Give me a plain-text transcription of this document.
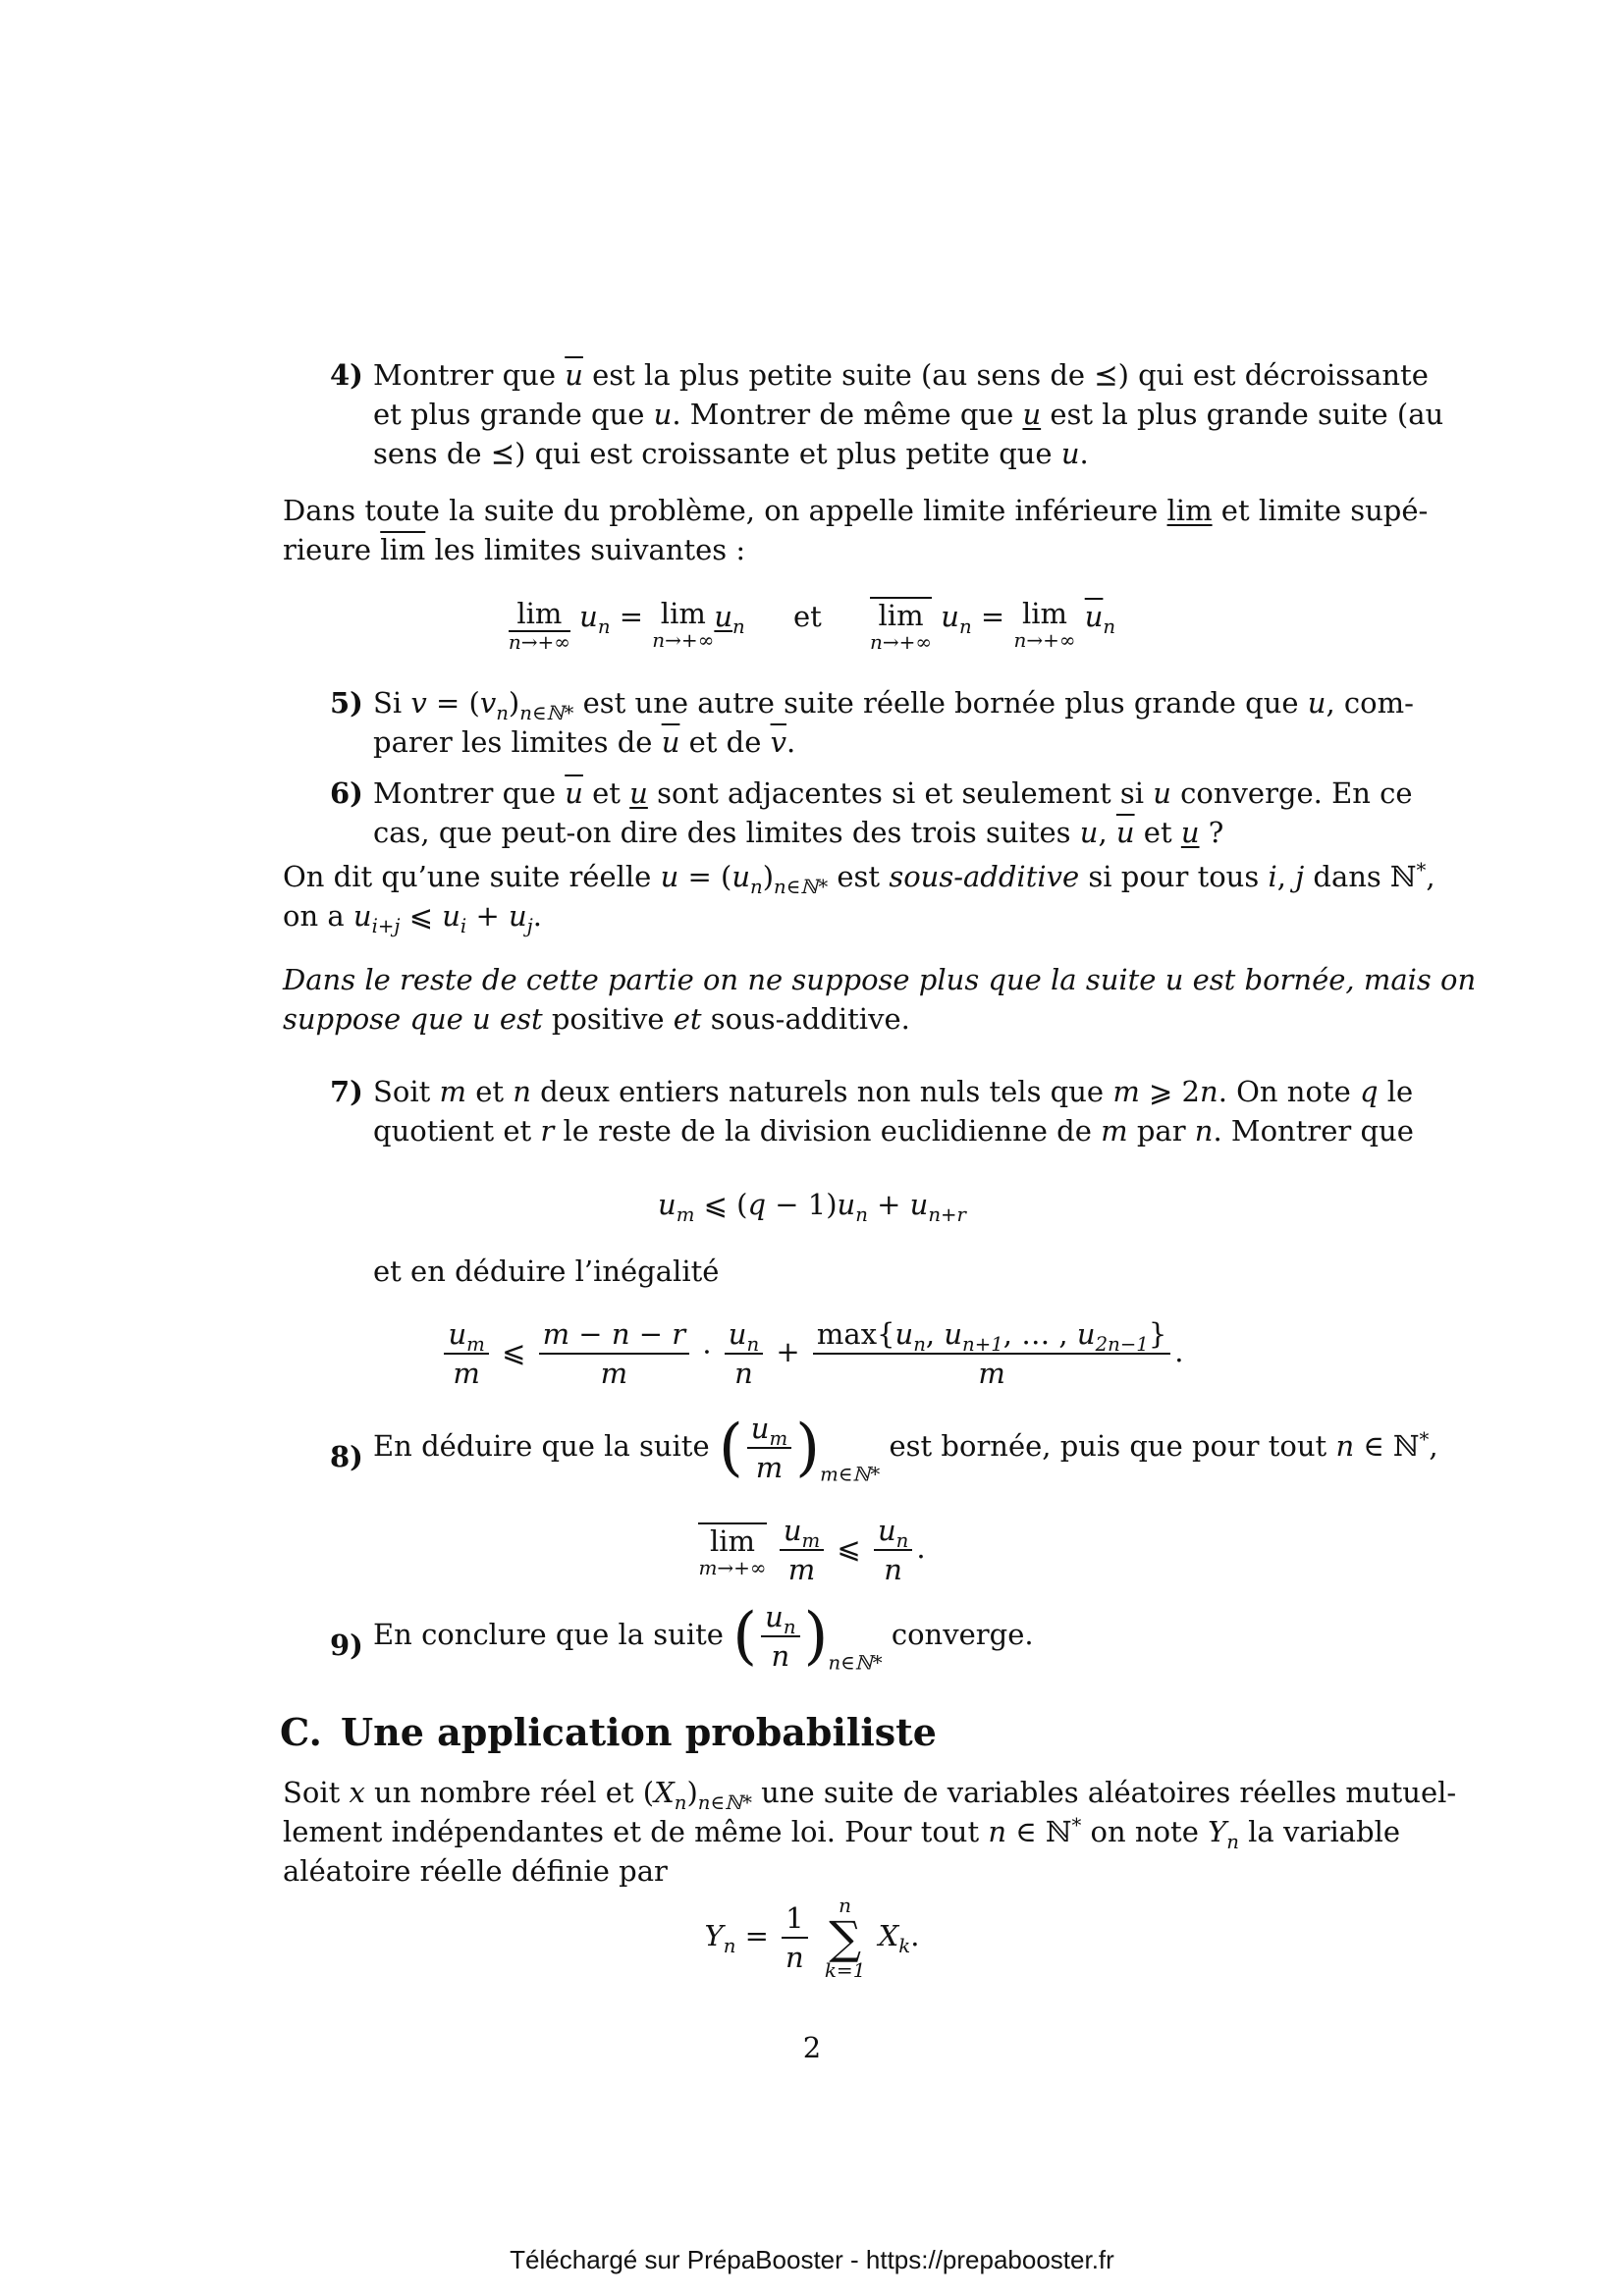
4) Montrer que $\overline{u}$ est la plus petite suite (au sens de ⪯) qui est décroissante
et plus grande que u. Montrer de même que u est la plus grande suite (au
sens de ⪯) qui est croissante et plus petite que u.
Dans toute la suite du problème, on appelle limite inférieure lim et limite supé-
rieure $\overline{lim}$ les limites suivantes :
lim
n→+∞
$u_n = \lim$
n→+∞
$u_n$ et lim
n→+∞
$u_n = \lim$
n→+∞
$\overline{u}_n$
5) Si $v = (v_n)_{n\in ℕ*}$ est une autre suite réelle bornée plus grande que u, com-
parer les limites de $\overline{u}$ et de $\overline{v}$.
6) Montrer que $\overline{u}$ et u sont adjacentes si et seulement si u converge. En ce
cas, que peut-on dire des limites des trois suites u, $\overline{u}$ et u ?
On dit qu’une suite réelle $u = (u_n)_{n\in ℕ*}$ est sous-additive si pour tous i, j dans ℕ*,
on a $u_{i+j}$ ⩽ $u_i + u_j$.
Dans le reste de cette partie on ne suppose plus que la suite u est bornée, mais on
suppose que u est positive et sous-additive.
7) Soit m et n deux entiers naturels non nuls tels que m ⩾ 2n. On note q le
quotient et r le reste de la division euclidienne de m par n. Montrer que
$u_m$ ⩽ $(q - 1)u_n + u_{n+r}$
et en déduire l’inégalité
$\frac{u_m}{m}$ ⩽ $\frac{m - n - r}{m} \cdot \frac{u_n}{n} + \frac{\max\{u_n, u_{n+1}, \dots , u_{2n-1}\}}{m}$ .
8) En déduire que la suite ( $\frac{u_m}{m} )_{m\in ℕ*}$ est bornée, puis que pour tout n ∈ ℕ*,
lim
m→+∞
$\frac{u_m}{m}$ ⩽ $\frac{u_n}{n}$ .
9) En conclure que la suite ( $\frac{u_n}{n} )_{n\in ℕ*}$ converge.
C. Une application probabiliste
Soit x un nombre réel et $(X_n)_{n\in ℕ*}$ une suite de variables aléatoires réelles mutuel-
lement indépendantes et de même loi. Pour tout n ∈ ℕ* on note $Y_n$ la variable
aléatoire réelle définie par
$Y_n = \frac{1}{n}$
	n
∑
k=1
$X_k$.
2
Téléchargé sur PrépaBooster - https://prepabooster.fr
